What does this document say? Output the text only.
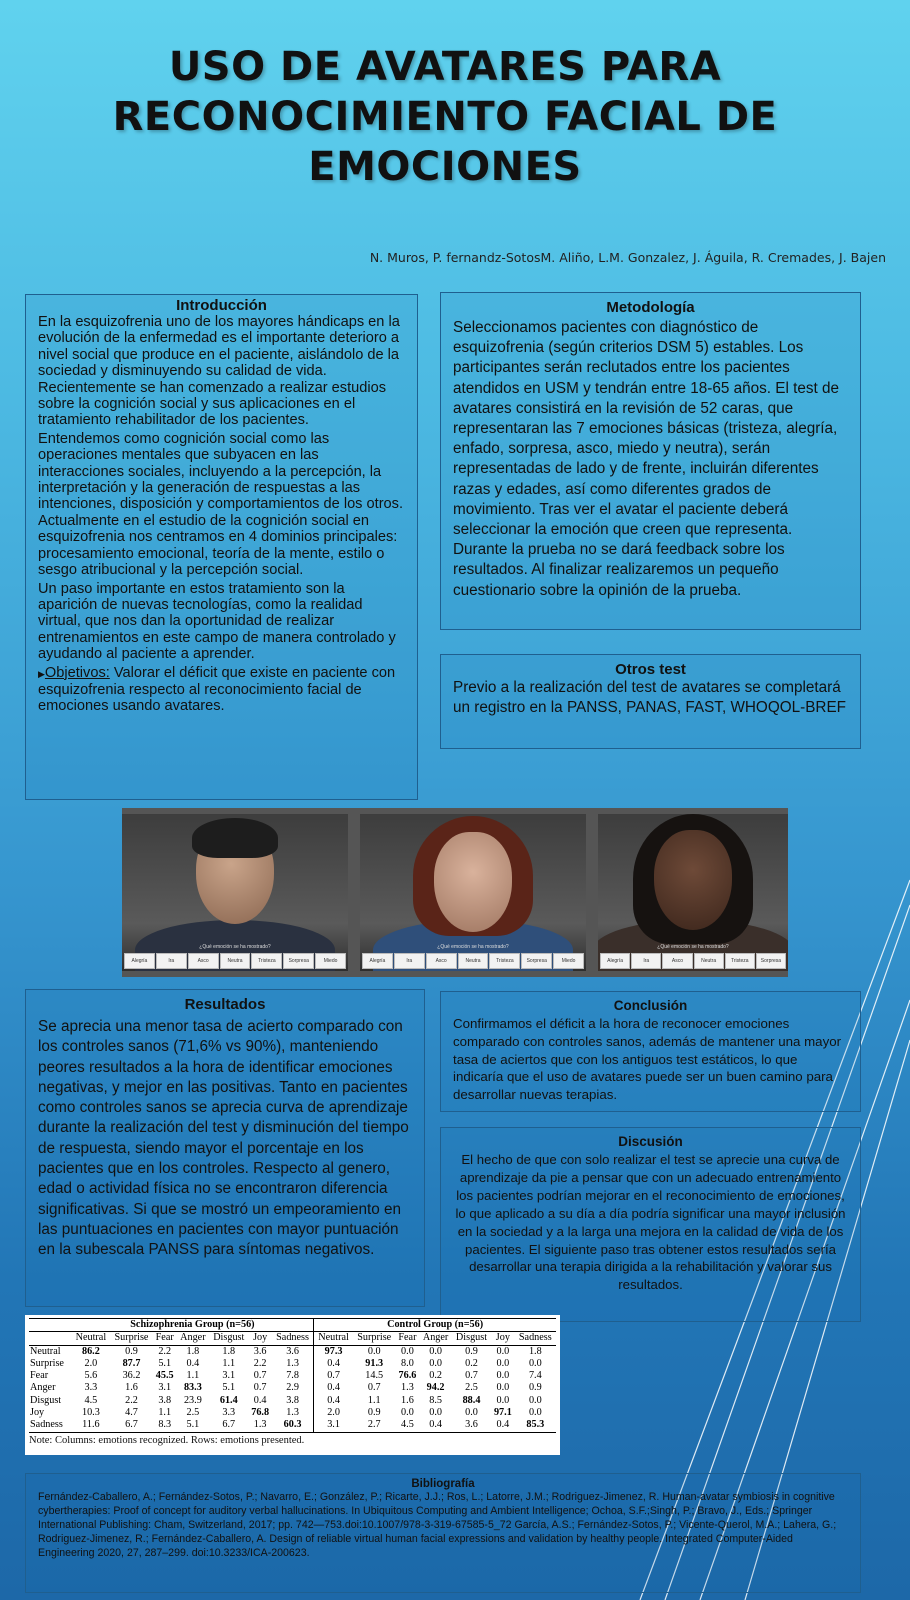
USO DE AVATARES PARA
RECONOCIMIENTO FACIAL DE
EMOCIONES
N. Muros, P. fernandz-SotosM. Aliño, L.M. Gonzalez, J. Águila, R. Cremades, J. Bajen
Introducción

En la esquizofrenia uno de los mayores hándicaps en la evolución de la enfermedad es el importante deterioro a nivel social que produce en el paciente, aislándolo de la sociedad y disminuyendo su calidad de vida. Recientemente se han comenzado a realizar estudios sobre la cognición social y sus aplicaciones en el tratamiento rehabilitador de los pacientes.

Entendemos como cognición social como las operaciones mentales que subyacen en las interacciones sociales, incluyendo a la percepción, la interpretación y la generación de respuestas a las intenciones, disposición y comportamientos de los otros. Actualmente en el estudio de la cognición social en esquizofrenia nos centramos en 4 dominios principales: procesamiento emocional, teoría de la mente, estilo o sesgo atribucional y la percepción social.

Un paso importante en estos tratamiento son la aparición de nuevas tecnologías, como la realidad virtual, que nos dan la oportunidad de realizar entrenamientos en este campo de manera controlado y ayudando al paciente a aprender.

▶Objetivos: Valorar el déficit que existe en paciente con esquizofrenia respecto al reconocimiento facial de emociones usando avatares.

Metodología

Seleccionamos pacientes con diagnóstico de esquizofrenia (según criterios DSM 5) estables. Los participantes serán reclutados entre los pacientes atendidos en USM y tendrán entre 18-65 años. El test de avatares consistirá en la revisión de 52 caras, que representaran las 7 emociones básicas (tristeza, alegría, enfado, sorpresa, asco, miedo y neutra), serán representadas de lado y de frente, incluirán diferentes razas y edades, así como diferentes grados de movimiento. Tras ver el avatar el paciente deberá seleccionar la emoción que creen que representa. Durante la prueba no se dará feedback sobre los resultados. Al finalizar realizaremos un pequeño cuestionario sobre la opinión de la prueba.

Otros test

Previo a la realización del test de avatares se completará un registro en la PANSS, PANAS, FAST, WHOQOL-BREF

¿Qué emoción se ha mostrado?
Alegría	Ira	Asco	Neutra	Tristeza	Sorpresa	Miedo
¿Qué emoción se ha mostrado?
Alegría	Ira	Asco	Neutra	Tristeza	Sorpresa	Miedo
¿Qué emoción se ha mostrado?
Alegría	Ira	Asco	Neutra	Tristeza	Sorpresa
Resultados

Se aprecia una menor tasa de acierto comparado con los controles sanos (71,6% vs 90%), manteniendo peores resultados a la hora de identificar emociones negativas, y mejor en las positivas. Tanto en pacientes como controles sanos se aprecia curva de aprendizaje durante la realización del test y disminución del tiempo de respuesta, siendo mayor el porcentaje en los pacientes que en los controles. Respecto al genero, edad o actividad física no se encontraron diferencia significativas. Si que se mostró un empeoramiento en las puntuaciones en pacientes con mayor puntuación en la subescala PANSS para síntomas negativos.

Conclusión

Confirmamos el déficit a la hora de reconocer emociones comparado con controles sanos, además de mantener una mayor tasa de aciertos que con los antiguos test estáticos, lo que indicaría que el uso de avatares puede ser un buen camino para desarrollar nuevas terapias.

Discusión

El hecho de que con solo realizar el test se aprecie una curva de aprendizaje da pie a pensar que con un adecuado entrenamiento los pacientes podrían mejorar en el reconocimiento de emociones, lo que aplicado a su día a día podría significar una mayor inclusión en la sociedad y a la larga una mejora en la calidad de vida de los pacientes. El siguiente paso tras obtener estos resultados sería desarrollar una terapia dirigida a la rehabilitación y valorar sus resultados.

	Schizophrenia Group (n=56)							Control Group (n=56)						
	Neutral	Surprise	Fear	Anger	Disgust	Joy	Sadness	Neutral	Surprise	Fear	Anger	Disgust	Joy	Sadness
Neutral	86.2	0.9	2.2	1.8	1.8	3.6	3.6	97.3	0.0	0.0	0.0	0.9	0.0	1.8
Surprise	2.0	87.7	5.1	0.4	1.1	2.2	1.3	0.4	91.3	8.0	0.0	0.2	0.0	0.0
Fear	5.6	36.2	45.5	1.1	3.1	0.7	7.8	0.7	14.5	76.6	0.2	0.7	0.0	7.4
Anger	3.3	1.6	3.1	83.3	5.1	0.7	2.9	0.4	0.7	1.3	94.2	2.5	0.0	0.9
Disgust	4.5	2.2	3.8	23.9	61.4	0.4	3.8	0.4	1.1	1.6	8.5	88.4	0.0	0.0
Joy	10.3	4.7	1.1	2.5	3.3	76.8	1.3	2.0	0.9	0.0	0.0	0.0	97.1	0.0
Sadness	11.6	6.7	8.3	5.1	6.7	1.3	60.3	3.1	2.7	4.5	0.4	3.6	0.4	85.3
Note: Columns: emotions recognized. Rows: emotions presented.
Bibliografía

Fernández-Caballero, A.; Fernández-Sotos, P.; Navarro, E.; González, P.; Ricarte, J.J.; Ros, L.; Latorre, J.M.; Rodriguez-Jimenez, R. Human-avatar symbiosis in cognitive cybertherapies: Proof of concept for auditory verbal hallucinations. In Ubiquitous Computing and Ambient Intelligence; Ochoa, S.F.;Singh, P.; Bravo, J., Eds.; Springer International Publishing: Cham, Switzerland, 2017; pp. 742—753.doi:10.1007/978-3-319-67585-5_72 García, A.S.; Fernández-Sotos, P.; Vicente-Querol, M.A.; Lahera, G.; Rodriguez-Jimenez, R.; Fernández-Caballero, A. Design of reliable virtual human facial expressions and validation by healthy people. Integrated Computer-Aided Engineering 2020, 27, 287–299. doi:10.3233/ICA-200623.
